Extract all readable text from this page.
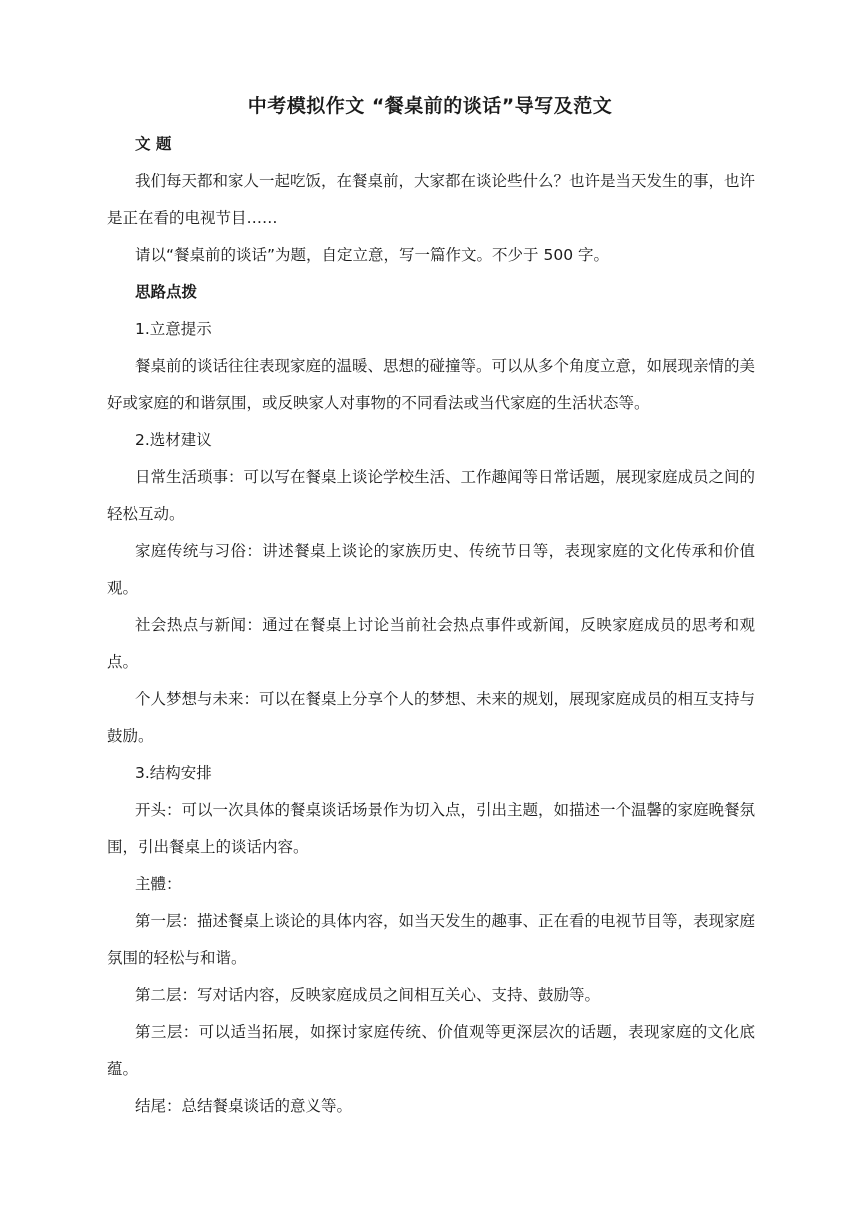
中考模拟作文 “餐桌前的谈话”导写及范文

文 题

我们每天都和家人一起吃饭，在餐桌前，大家都在谈论些什么？也许是当天发生的事，也许是正在看的电视节目……

请以“餐桌前的谈话”为题，自定立意，写一篇作文。不少于 500 字。

思路点拨

1.立意提示

餐桌前的谈话往往表现家庭的温暖、思想的碰撞等。可以从多个角度立意，如展现亲情的美好或家庭的和谐氛围，或反映家人对事物的不同看法或当代家庭的生活状态等。

2.选材建议

日常生活琐事：可以写在餐桌上谈论学校生活、工作趣闻等日常话题，展现家庭成员之间的轻松互动。

家庭传统与习俗：讲述餐桌上谈论的家族历史、传统节日等，表现家庭的文化传承和价值观。

社会热点与新闻：通过在餐桌上讨论当前社会热点事件或新闻，反映家庭成员的思考和观点。

个人梦想与未来：可以在餐桌上分享个人的梦想、未来的规划，展现家庭成员的相互支持与鼓励。

3.结构安排

开头：可以一次具体的餐桌谈话场景作为切入点，引出主题，如描述一个温馨的家庭晚餐氛围，引出餐桌上的谈话内容。

主體：

第一层：描述餐桌上谈论的具体内容，如当天发生的趣事、正在看的电视节目等，表现家庭氛围的轻松与和谐。

第二层：写对话内容，反映家庭成员之间相互关心、支持、鼓励等。

第三层：可以适当拓展，如探讨家庭传统、价值观等更深层次的话题，表现家庭的文化底蕴。

结尾：总结餐桌谈话的意义等。
